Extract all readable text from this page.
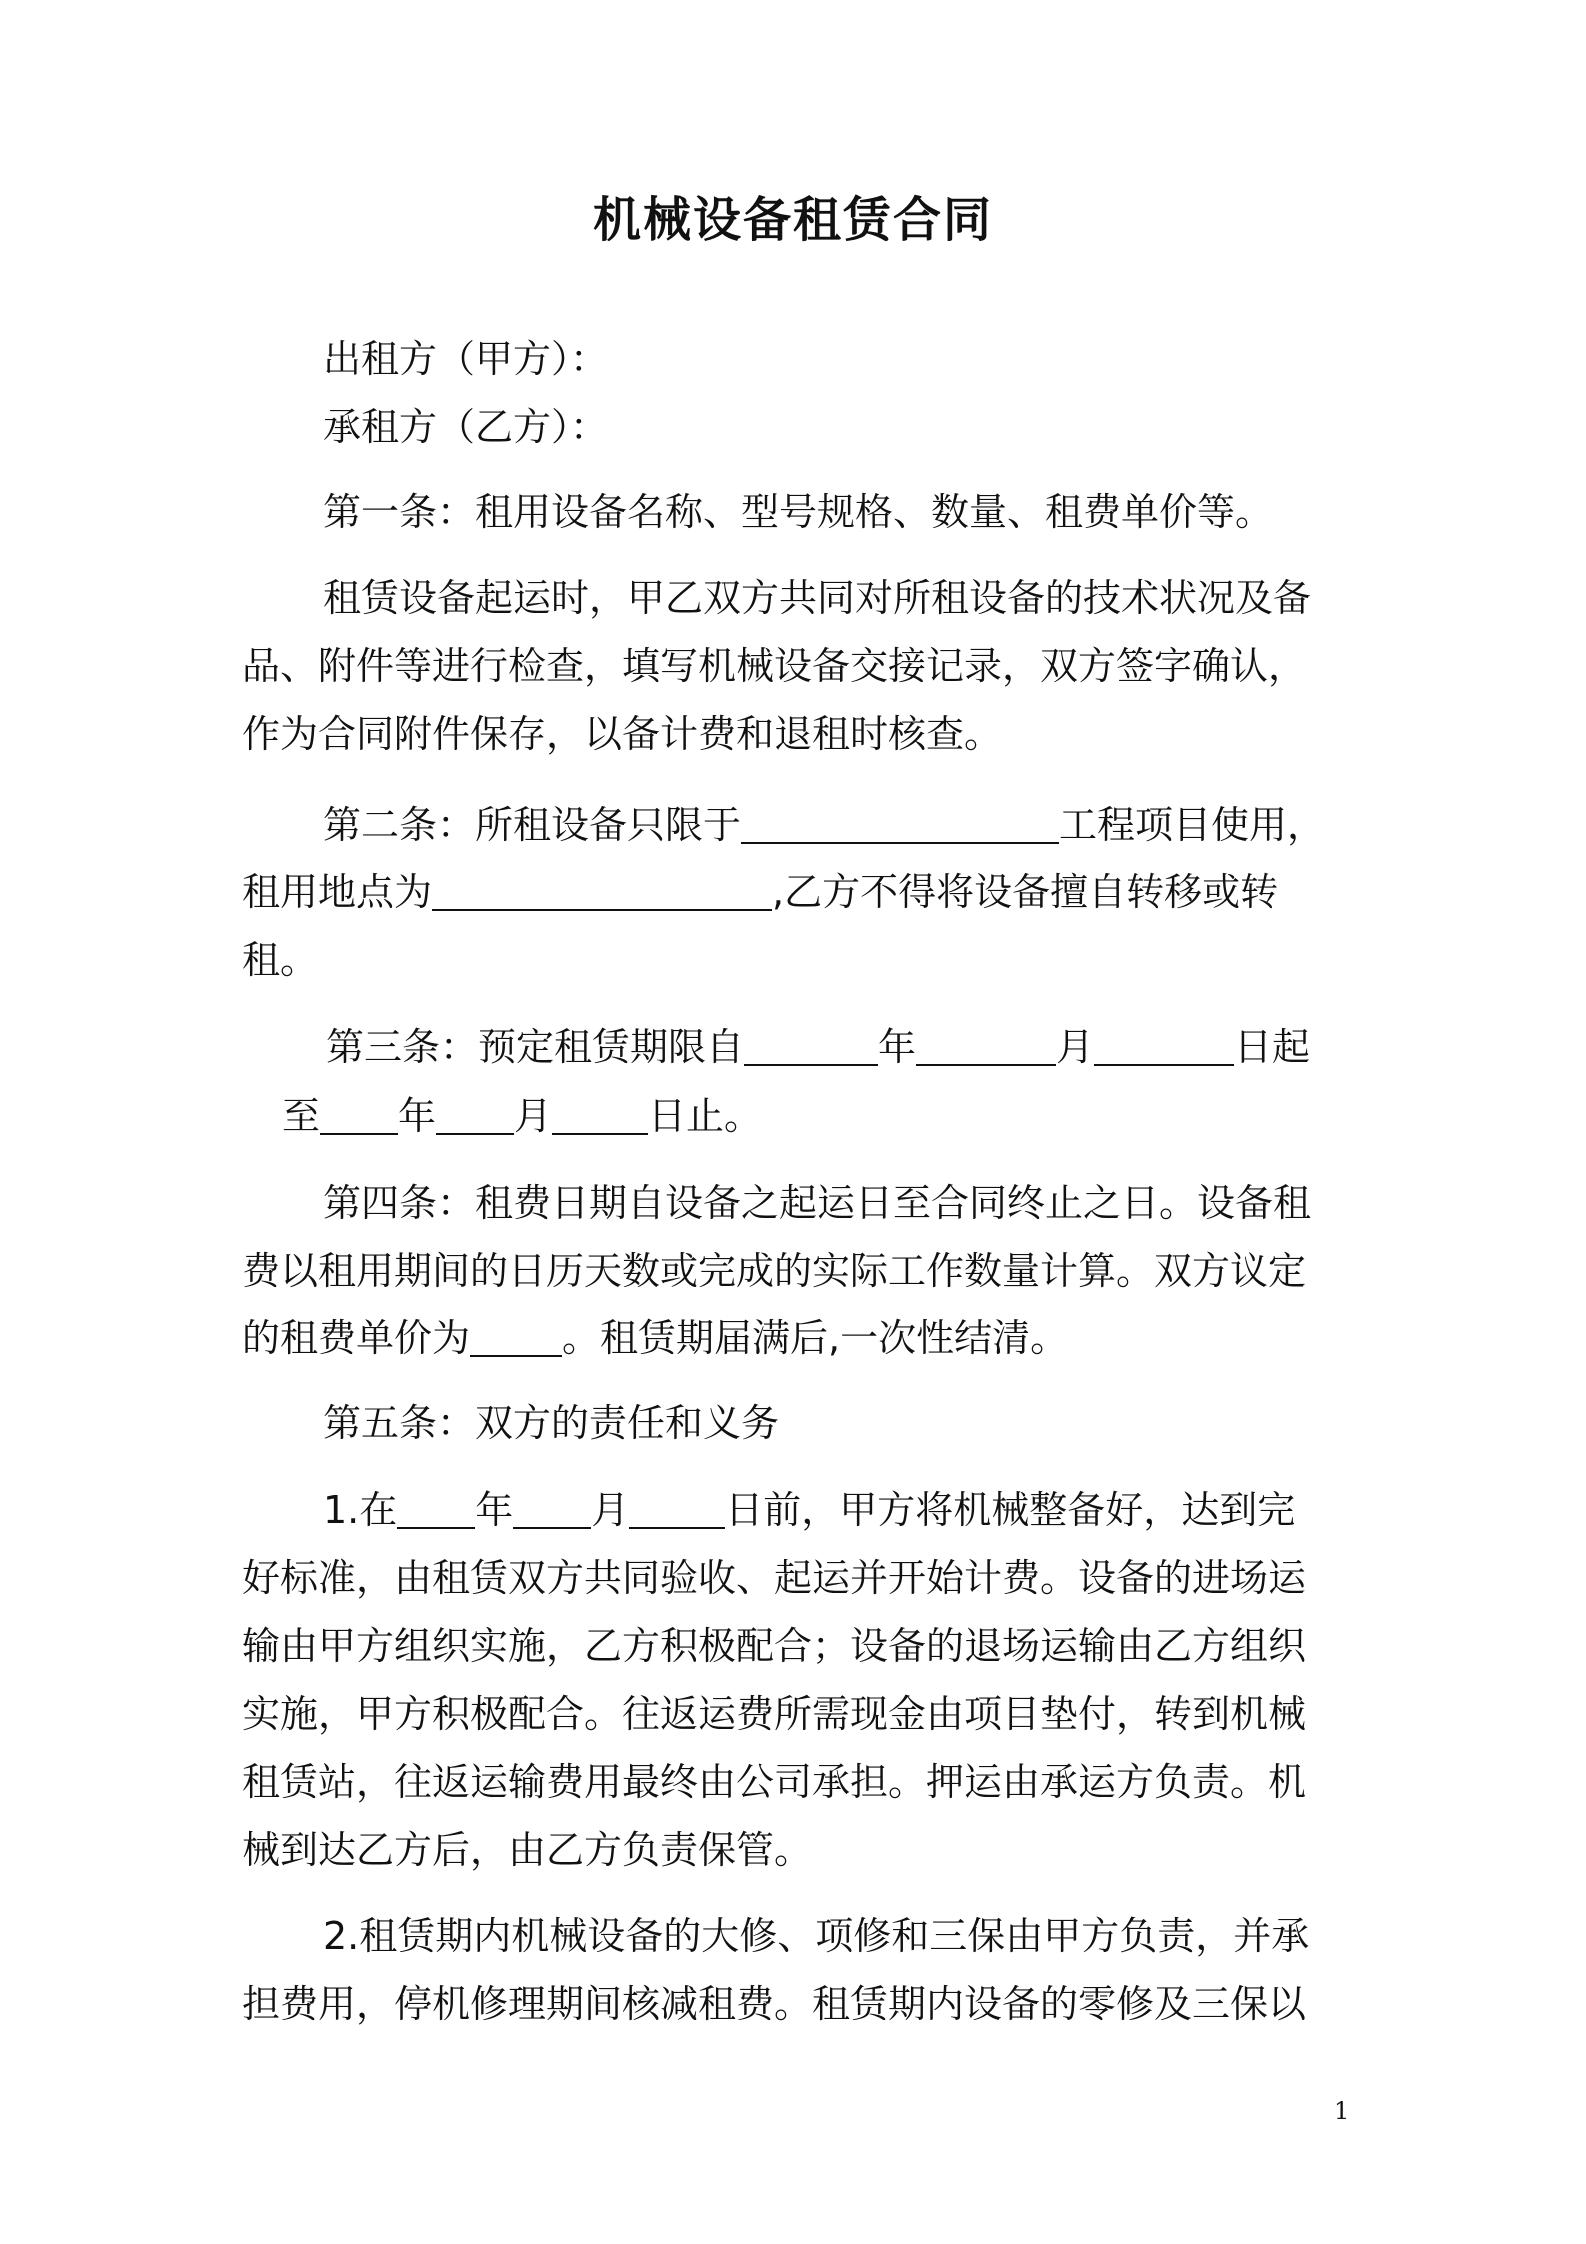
机械设备租赁合同
出租方（甲方）：
承租方（乙方）：
第一条：租用设备名称、型号规格、数量、租费单价等。
租赁设备起运时，甲乙双方共同对所租设备的技术状况及备
品、附件等进行检查，填写机械设备交接记录，双方签字确认，
作为合同附件保存，以备计费和退租时核查。
第二条：所租设备只限于	工程项目使用，
租用地点为	,乙方不得将设备擅自转移或转
租。
第三条：预定租赁期限自	年	月	日起
至 年 月	日止。
第四条：租费日期自设备之起运日至合同终止之日。设备租
费以租用期间的日历天数或完成的实际工作数量计算。双方议定
的租费单价为 。租赁期届满后,一次性结清。
第五条：双方的责任和义务
1.在 年 月	日前，甲方将机械整备好，达到完
好标准，由租赁双方共同验收、起运并开始计费。设备的进场运
输由甲方组织实施，乙方积极配合；设备的退场运输由乙方组织
实施，甲方积极配合。往返运费所需现金由项目垫付，转到机械
租赁站，往返运输费用最终由公司承担。押运由承运方负责。机
械到达乙方后，由乙方负责保管。
2.租赁期内机械设备的大修、项修和三保由甲方负责，并承
担费用，停机修理期间核减租费。租赁期内设备的零修及三保以
1
